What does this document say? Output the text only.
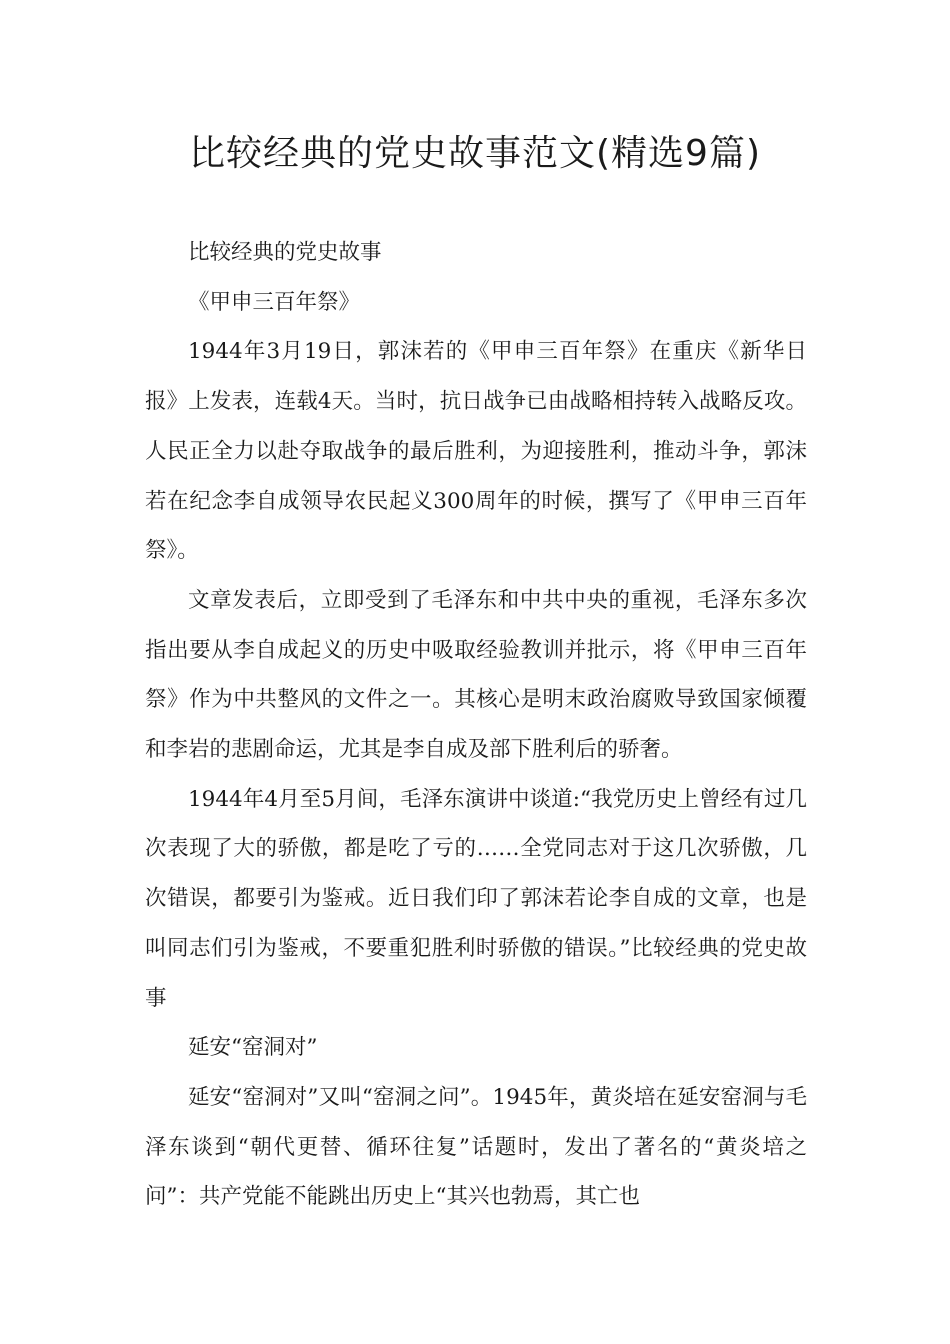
比较经典的党史故事范文(精选9篇)

比较经典的党史故事

《甲申三百年祭》

1944年3月19日，郭沫若的《甲申三百年祭》在重庆《新华日报》上发表，连载4天。当时，抗日战争已由战略相持转入战略反攻。人民正全力以赴夺取战争的最后胜利，为迎接胜利，推动斗争，郭沫若在纪念李自成领导农民起义300周年的时候，撰写了《甲申三百年祭》。

文章发表后，立即受到了毛泽东和中共中央的重视，毛泽东多次指出要从李自成起义的历史中吸取经验教训并批示，将《甲申三百年祭》作为中共整风的文件之一。其核心是明末政治腐败导致国家倾覆和李岩的悲剧命运，尤其是李自成及部下胜利后的骄奢。

1944年4月至5月间，毛泽东演讲中谈道:“我党历史上曾经有过几次表现了大的骄傲，都是吃了亏的……全党同志对于这几次骄傲，几次错误，都要引为鉴戒。近日我们印了郭沫若论李自成的文章，也是叫同志们引为鉴戒，不要重犯胜利时骄傲的错误。”比较经典的党史故事

延安“窑洞对”

延安“窑洞对”又叫“窑洞之问”。1945年，黄炎培在延安窑洞与毛泽东谈到“朝代更替、循环往复”话题时，发出了著名的“黄炎培之问”：共产党能不能跳出历史上“其兴也勃焉，其亡也
